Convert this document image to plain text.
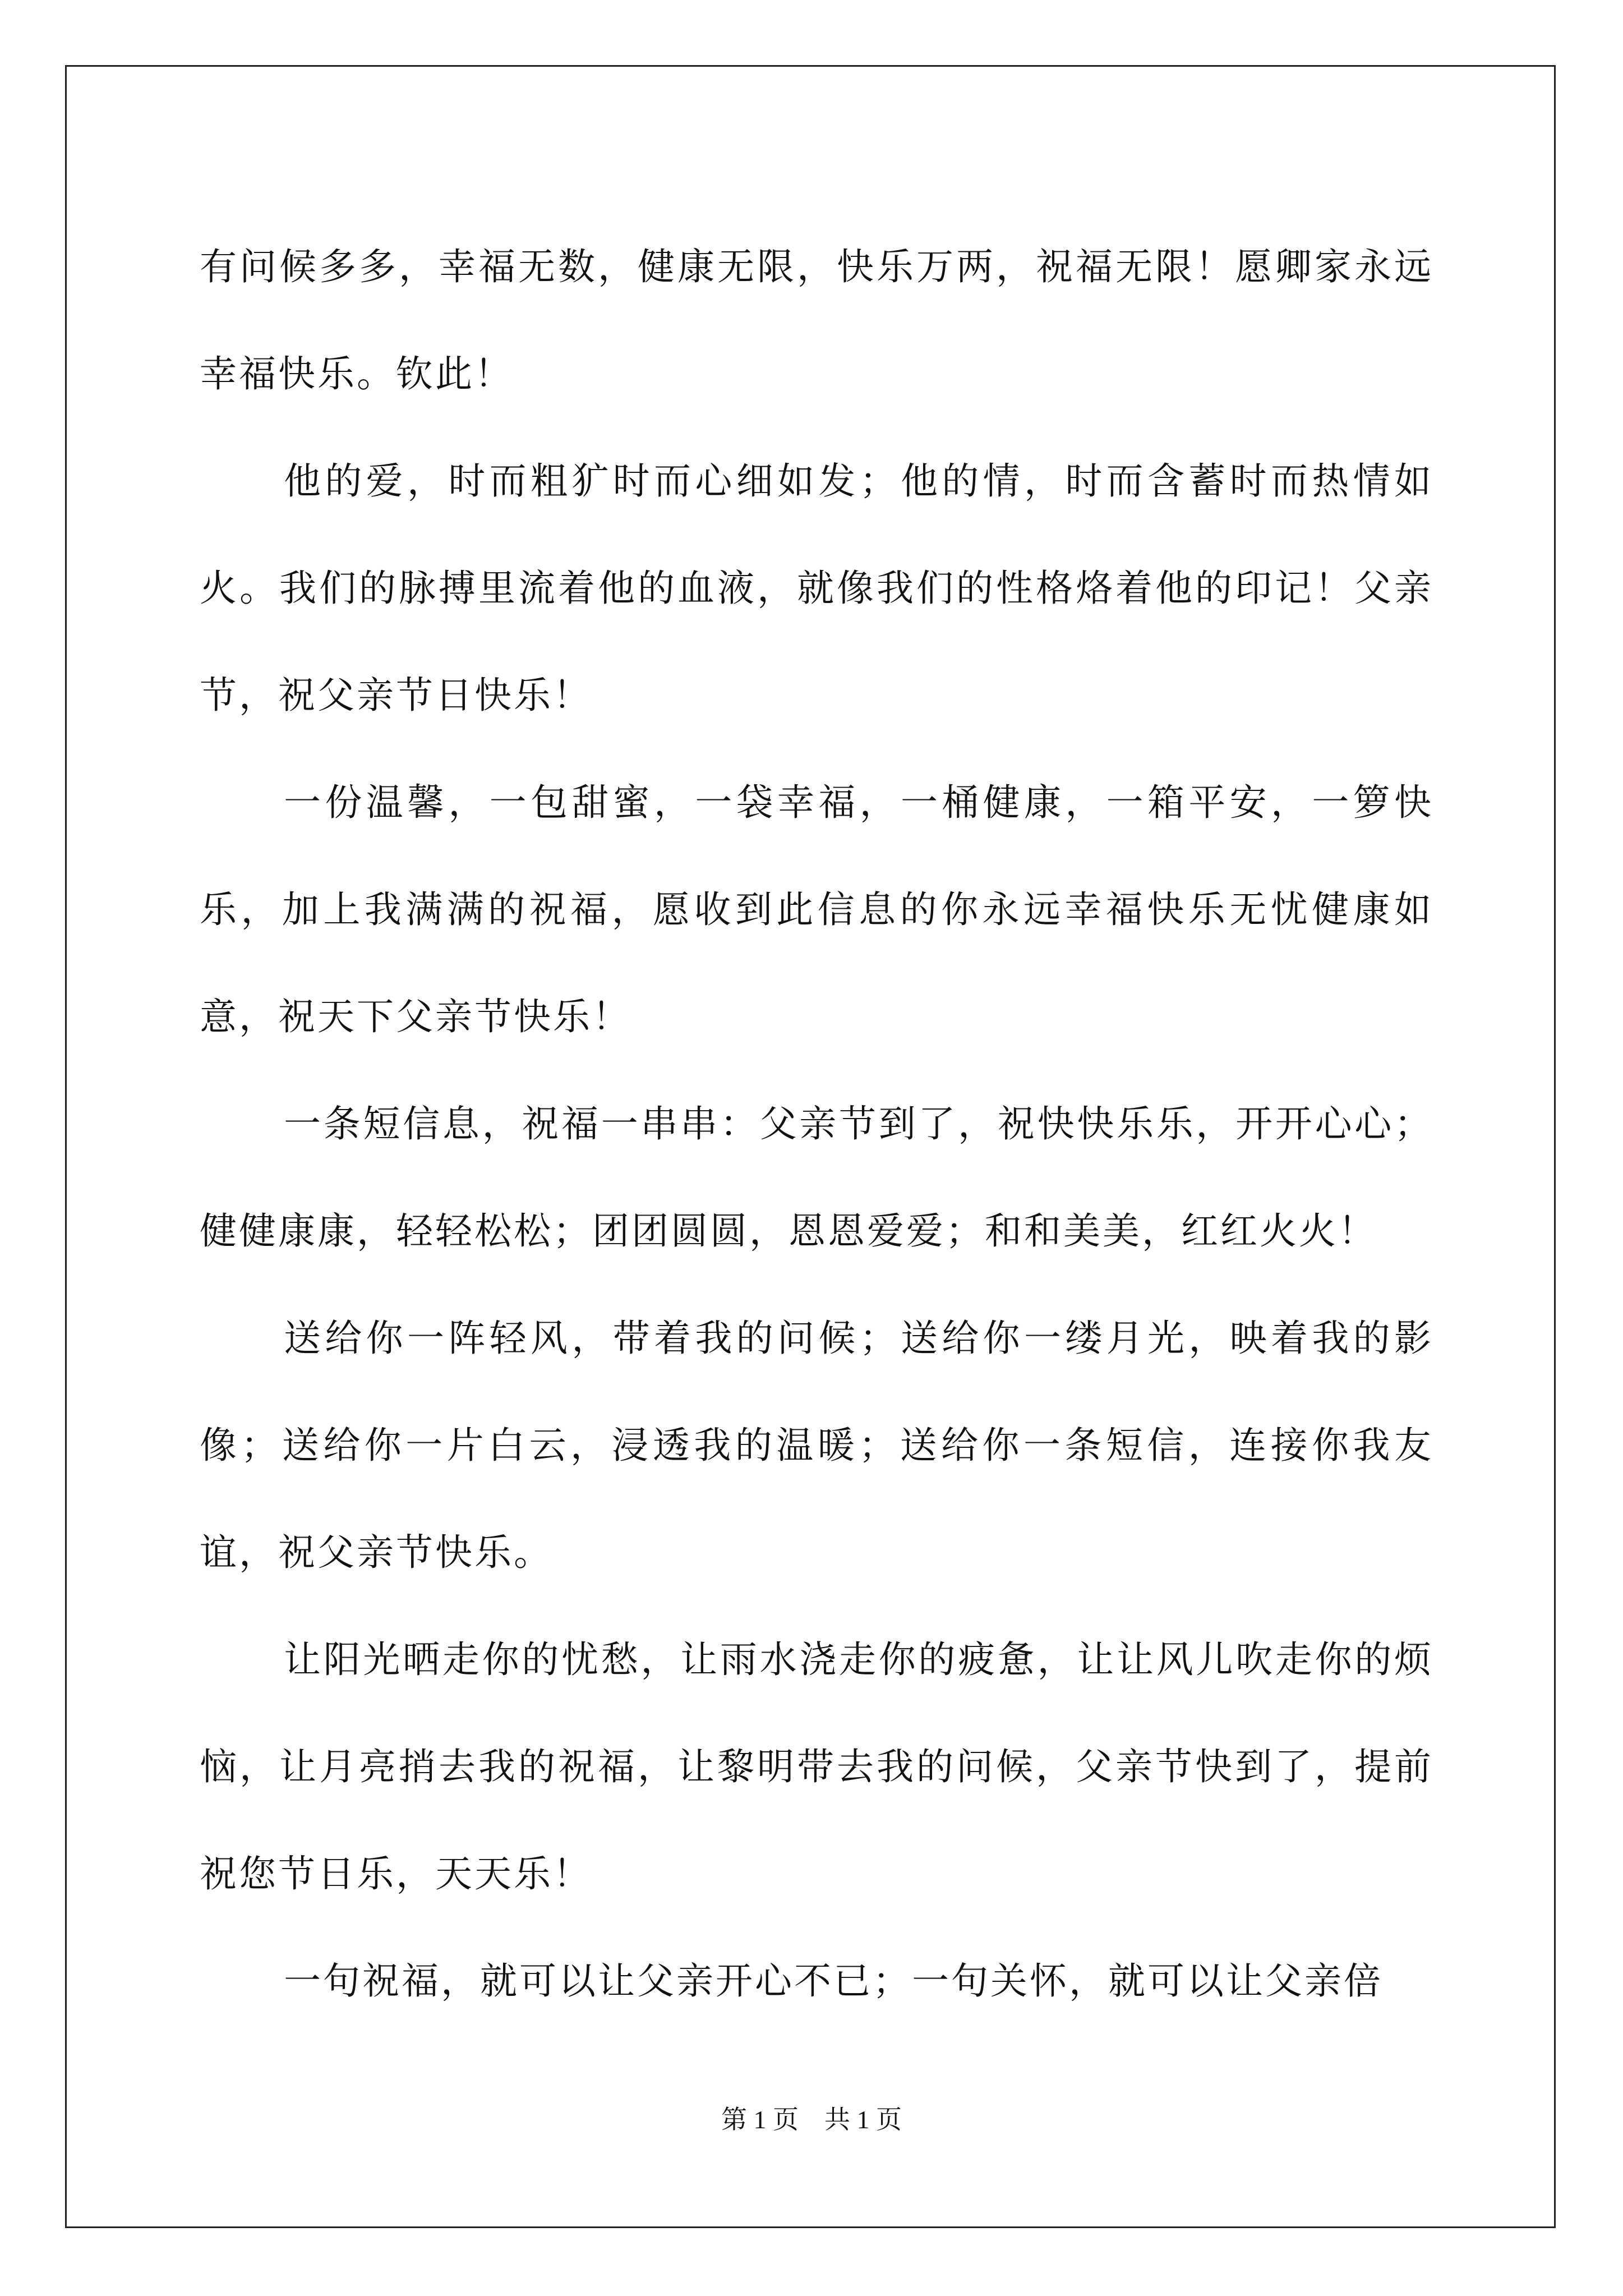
有问候多多，幸福无数，健康无限，快乐万两，祝福无限！愿卿家永远幸福快乐。钦此！

他的爱，时而粗犷时而心细如发；他的情，时而含蓄时而热情如火。我们的脉搏里流着他的血液，就像我们的性格烙着他的印记！父亲节，祝父亲节日快乐！

一份温馨，一包甜蜜，一袋幸福，一桶健康，一箱平安，一箩快乐，加上我满满的祝福，愿收到此信息的你永远幸福快乐无忧健康如意，祝天下父亲节快乐！

一条短信息，祝福一串串：父亲节到了，祝快快乐乐，开开心心；健健康康，轻轻松松；团团圆圆，恩恩爱爱；和和美美，红红火火！

送给你一阵轻风，带着我的问候；送给你一缕月光，映着我的影像；送给你一片白云，浸透我的温暖；送给你一条短信，连接你我友谊，祝父亲节快乐。

让阳光晒走你的忧愁，让雨水浇走你的疲惫，让让风儿吹走你的烦恼，让月亮捎去我的祝福，让黎明带去我的问候，父亲节快到了，提前祝您节日乐，天天乐！

一句祝福，就可以让父亲开心不已；一句关怀，就可以让父亲倍

第 1 页　共 1 页
